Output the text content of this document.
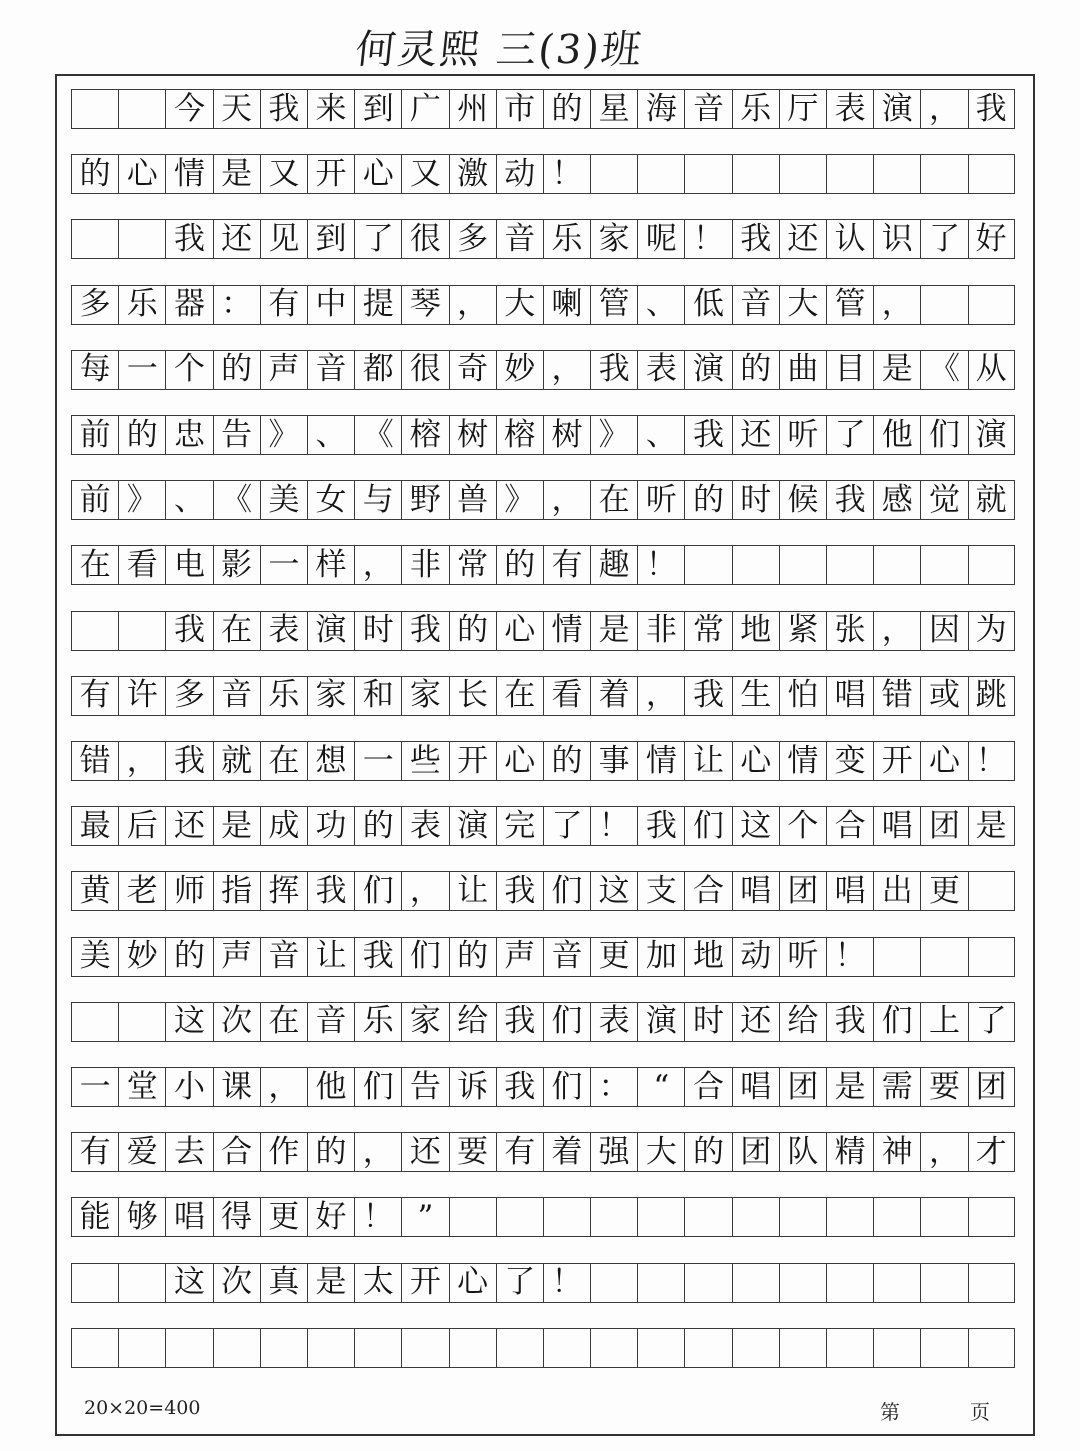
何灵熙 三(3)班
今 天 我 来 到 广 州 市 的 星 海 音 乐 厅 表 演 ， 我
的 心 情 是 又 开 心 又 激 动 ！
我 还 见 到 了 很 多 音 乐 家 呢 ！ 我 还 认 识 了 好
多 乐 器 ： 有 中 提 琴 ， 大 喇 管 、 低 音 大 管 ，
每 一 个 的 声 音 都 很 奇 妙 ， 我 表 演 的 曲 目 是 《 从
前 的 忠 告 》 、 《 榕 树 榕 树 》 、 我 还 听 了 他 们 演
前 》 、 《 美 女 与 野 兽 》 ， 在 听 的 时 候 我 感 觉 就
在 看 电 影 一 样 ， 非 常 的 有 趣 ！
我 在 表 演 时 我 的 心 情 是 非 常 地 紧 张 ， 因 为
有 许 多 音 乐 家 和 家 长 在 看 着 ， 我 生 怕 唱 错 或 跳
错 ， 我 就 在 想 一 些 开 心 的 事 情 让 心 情 变 开 心 ！
最 后 还 是 成 功 的 表 演 完 了 ！ 我 们 这 个 合 唱 团 是
黄 老 师 指 挥 我 们 ， 让 我 们 这 支 合 唱 团 唱 出 更
美 妙 的 声 音 让 我 们 的 声 音 更 加 地 动 听 ！
这 次 在 音 乐 家 给 我 们 表 演 时 还 给 我 们 上 了
一 堂 小 课 ， 他 们 告 诉 我 们 ： “ 合 唱 团 是 需 要 团
有 爱 去 合 作 的 ， 还 要 有 着 强 大 的 团 队 精 神 ， 才
能 够 唱 得 更 好 ！ ”
这 次 真 是 太 开 心 了 ！
20×20=400	第	页
